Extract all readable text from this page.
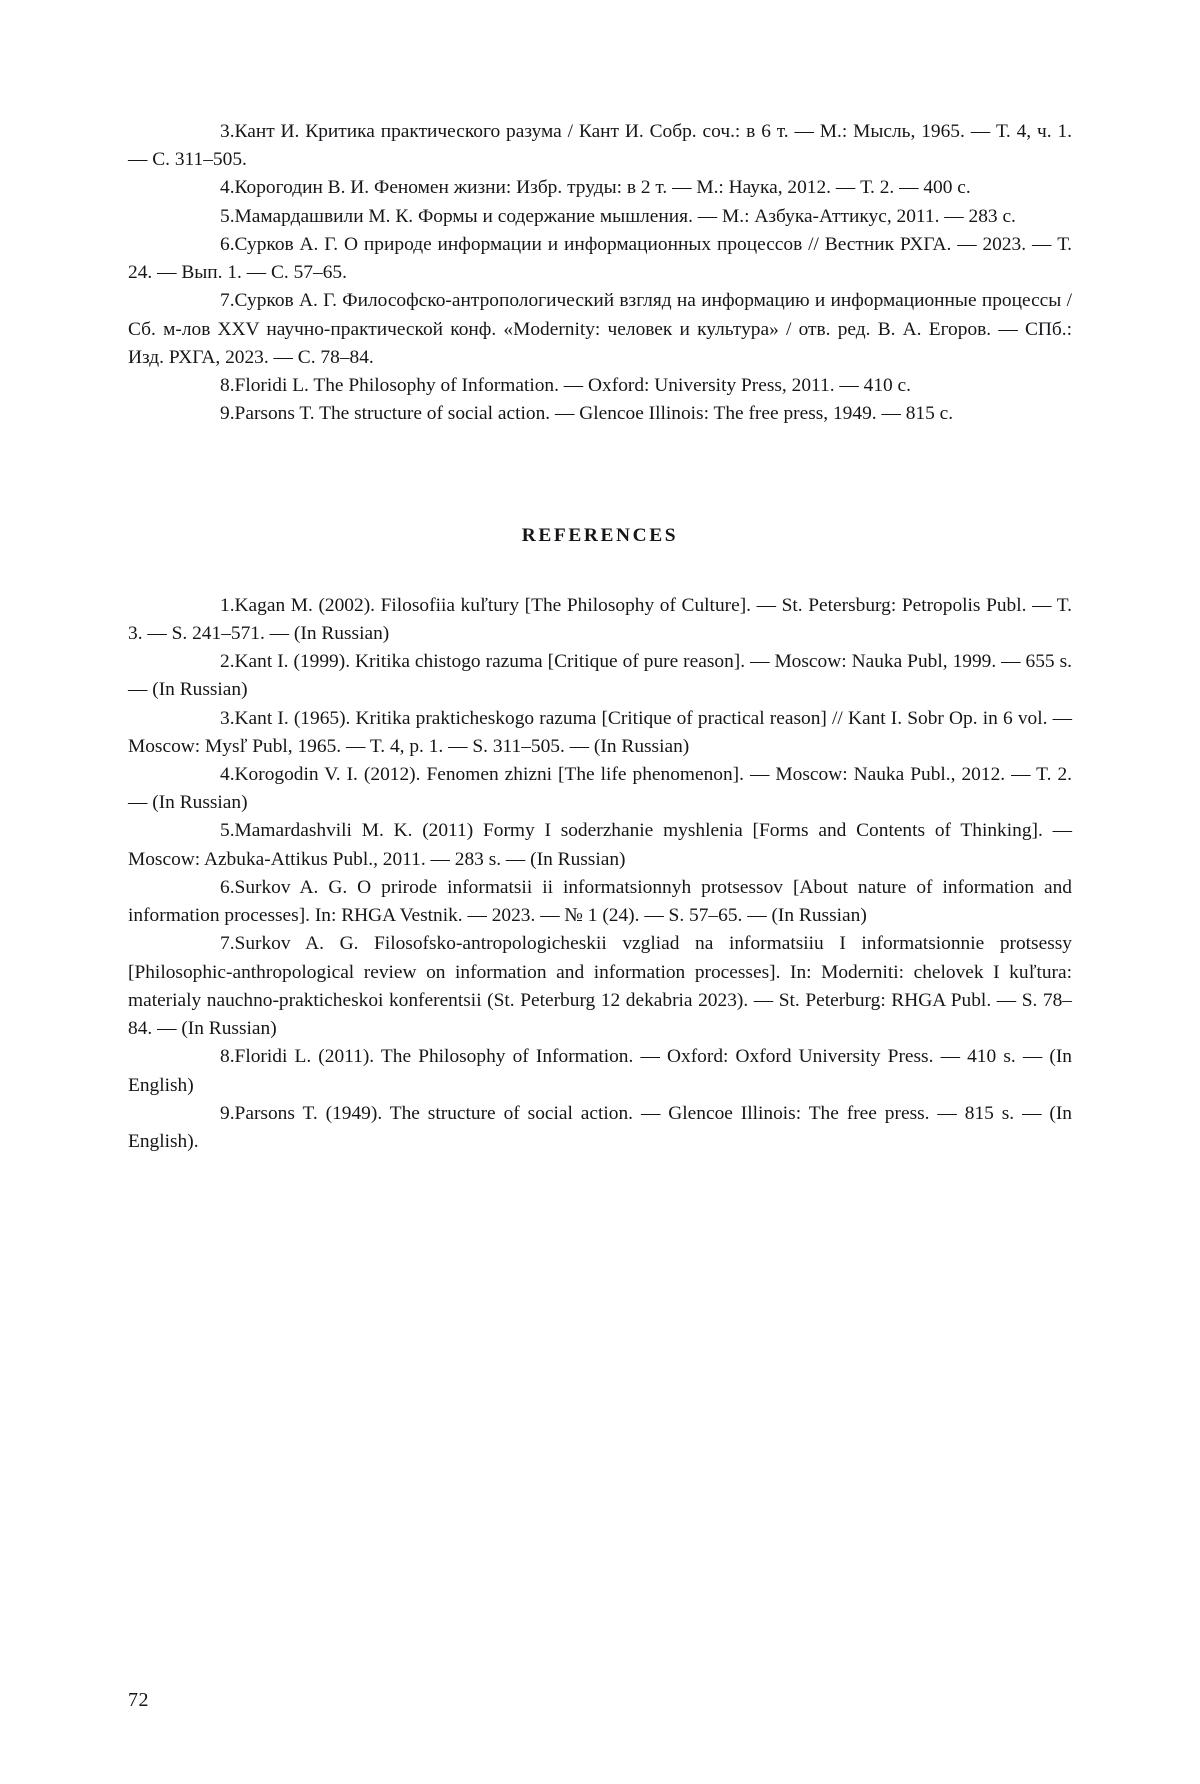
3.Кант И. Критика практического разума / Кант И. Собр. соч.: в 6 т. — М.: Мысль, 1965. — Т. 4, ч. 1. — С. 311–505.

4.Корогодин В. И. Феномен жизни: Избр. труды: в 2 т. — М.: Наука, 2012. — Т. 2. — 400 с.

5.Мамардашвили М. К. Формы и содержание мышления. — М.: Азбука-Аттикус, 2011. — 283 с.

6.Сурков А. Г. О природе информации и информационных процессов // Вестник РХГА. — 2023. — Т. 24. — Вып. 1. — С. 57–65.

7.Сурков А. Г. Философско-антропологический взгляд на информацию и информационные процессы / Сб. м-лов XXV научно-практической конф. «Modernity: человек и культура» / отв. ред. В. А. Егоров. — СПб.: Изд. РХГА, 2023. — С. 78–84.

8.Floridi L. The Philosophy of Information. — Oxford: University Press, 2011. — 410 c.

9.Parsons T. The structure of social action. — Glencoe Illinois: The free press, 1949. — 815 c.

REFERENCES

1.Kagan M. (2002). Filosofiia kuľtury [The Philosophy of Culture]. — St. Petersburg: Petropolis Publ. — T. 3. — S. 241–571. — (In Russian)

2.Kant I. (1999). Kritika chistogo razuma [Critique of pure reason]. — Moscow: Nauka Publ, 1999. — 655 s. — (In Russian)

3.Kant I. (1965). Kritika prakticheskogo razuma [Critique of practical reason] // Kant I. Sobr Op. in 6 vol. — Moscow: Mysľ Publ, 1965. — T. 4, p. 1. — S. 311–505. — (In Russian)

4.Korogodin V. I. (2012). Fenomen zhizni [The life phenomenon]. — Moscow: Nauka Publ., 2012. — T. 2. — (In Russian)

5.Mamardashvili M. K. (2011) Formy I soderzhanie myshlenia [Forms and Contents of Thinking]. — Moscow: Azbuka-Attikus Publ., 2011. — 283 s. — (In Russian)

6.Surkov A. G. O prirode informatsii ii informatsionnyh protsessov [About nature of information and information processes]. In: RHGA Vestnik. — 2023. — № 1 (24). — S. 57–65. — (In Russian)

7.Surkov A. G. Filosofsko-antropologicheskii vzgliad na informatsiiu I informatsionnie protsessy [Philosophic-anthropological review on information and information processes]. In: Moderniti: chelovek I kuľtura: materialy nauchno-prakticheskoi konferentsii (St. Peterburg 12 dekabria 2023). — St. Peterburg: RHGA Publ. — S. 78–84. — (In Russian)

8.Floridi L. (2011). The Philosophy of Information. — Oxford: Oxford University Press. — 410 s. — (In English)

9.Parsons T. (1949). The structure of social action. — Glencoe Illinois: The free press. — 815 s. — (In English).

72
